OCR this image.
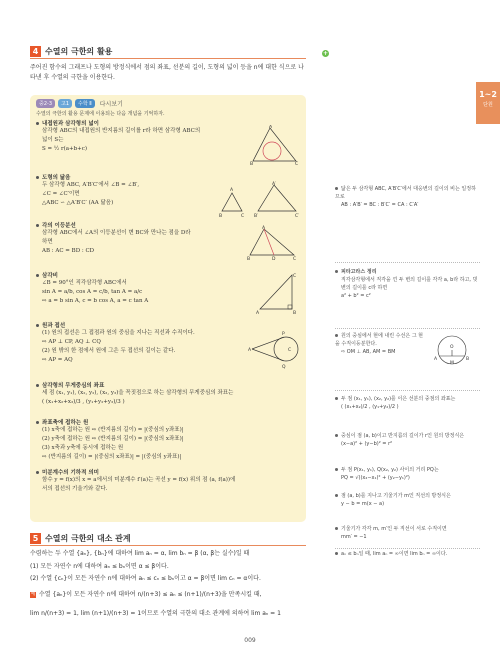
4 수열의 극한의 활용
주어진 함수의 그래프나 도형의 방정식에서 점의 좌표, 선분의 길이, 도형의 넓이 등을 n에 대한 식으로 나타낸 후 수열의 극한을 이용한다.
중2-3	고1	수학 Ⅱ	다시보기
수열의 극한의 활용 문제에 이용되는 다음 개념을 기억하자.
내접원과 삼각형의 넓이
삼각형 ABC의 내접원의 반지름의 길이를 r라 하면 삼각형 ABC의
넓이 S는
S = ½ r(a+b+c)
A
B	C
도형의 닮음
두 삼각형 ABC, A′B′C′에서 ∠B = ∠B′,
∠C = ∠C′이면
△ABC ∽ △A′B′C′ (AA 닮음)
A
B	C
A′
B′	C′
각의 이등분선
삼각형 ABC에서 ∠A의 이등분선이 변 BC와 만나는 점을 D라
하면
AB : AC = BD : CD
A
B	D	C
삼각비
∠B = 90°인 직각삼각형 ABC에서
sin A = a/b, cos A = c/b, tan A = a/c
⇨ a = b sin A, c = b cos A, a = c tan A
C
A	B
원과 접선
(1) 원의 접선은 그 접점과 원의 중심을 지나는 직선과 수직이다.
⇨ AP ⊥ CP, AQ ⊥ CQ
(2) 원 밖의 한 점에서 원에 그은 두 접선의 길이는 같다.
⇨ AP = AQ
A	C
P
Q
삼각형의 무게중심의 좌표
세 점 (x₁, y₁), (x₂, y₂), (x₃, y₃)을 꼭짓점으로 하는 삼각형의 무게중심의 좌표는
( (x₁+x₂+x₃)/3 , (y₁+y₂+y₃)/3 )
좌표축에 접하는 원
(1) x축에 접하는 원 ⇨ (반지름의 길이) = |(중심의 y좌표)|
(2) y축에 접하는 원 ⇨ (반지름의 길이) = |(중심의 x좌표)|
(3) x축과 y축에 동시에 접하는 원
⇨ (반지름의 길이) = |(중심의 x좌표)| = |(중심의 y좌표)|
미분계수의 기하적 의미
함수 y = f(x)의 x = a에서의 미분계수 f′(a)는 곡선 y = f(x) 위의 점 (a, f(a))에
서의 접선의 기울기와 같다.
5 수열의 극한의 대소 관계
수렴하는 두 수열 {aₙ}, {bₙ}에 대하여 lim aₙ = α, lim bₙ = β (α, β는 실수)일 때
(1) 모든 자연수 n에 대하여 aₙ ≤ bₙ이면 α ≤ β이다.
(2) 수열 {cₙ}이 모든 자연수 n에 대하여 aₙ ≤ cₙ ≤ bₙ이고 α = β이면 lim cₙ = α이다.
예 수열 {aₙ}이 모든 자연수 n에 대하여 n/(n+3) ≤ aₙ ≤ (n+1)/(n+3)을 만족시킬 때,
lim n/(n+3) = 1, lim (n+1)/(n+3) = 1이므로 수열의 극한의 대소 관계에 의하여 lim aₙ = 1
+
1~2
단원
닮은 두 삼각형 ABC, A′B′C′에서 대응변의 길이의 비는 일정하므로
AB : A′B′ = BC : B′C′ = CA : C′A′
피타고라스 정리
직각삼각형에서 직각을 낀 두 변의 길이를 각각 a, b라 하고, 빗변의 길이를 c라 하면
a² + b² = c²
원의 중심에서 현에 내린 수선은 그 현을 수직이등분한다.
⇨ OM ⊥ AB, AM = BM
O
A
M
B
두 점 (x₁, y₁), (x₂, y₂)를 이은 선분의 중점의 좌표는
( (x₁+x₂)/2 , (y₁+y₂)/2 )
중심이 점 (a, b)이고 반지름의 길이가 r인 원의 방정식은
(x−a)² + (y−b)² = r²
두 점 P(x₁, y₁), Q(x₂, y₂) 사이의 거리 PQ는
PQ = √((x₂−x₁)² + (y₂−y₁)²)
점 (a, b)를 지나고 기울기가 m인 직선의 방정식은
y − b = m(x − a)
기울기가 각각 m, m′인 두 직선이 서로 수직이면
mm′ = −1
aₙ ≤ bₙ일 때, lim aₙ = ∞이면 lim bₙ = ∞이다.
009
